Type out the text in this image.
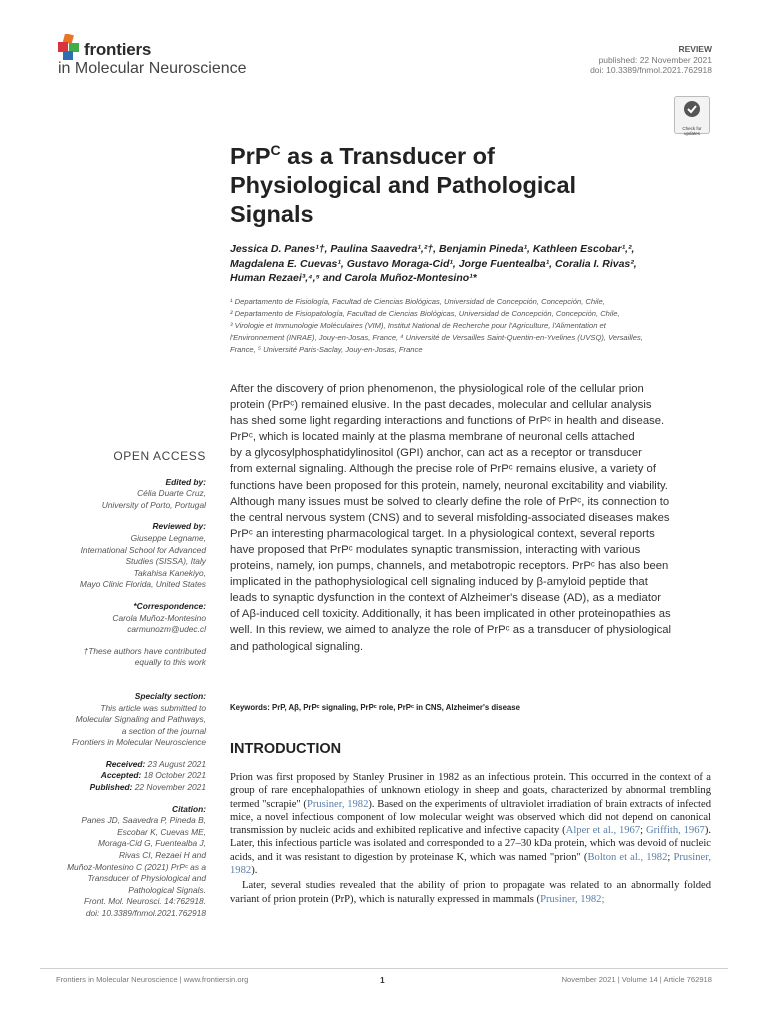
frontiers
in Molecular Neuroscience
REVIEW
published: 22 November 2021
doi: 10.3389/fnmol.2021.762918
Check for updates
PrP$^C$ as a Transducer of
Physiological and Pathological
Signals
Jessica D. Panes¹†, Paulina Saavedra¹,²†, Benjamin Pineda¹, Kathleen Escobar¹,²,
Magdalena E. Cuevas¹, Gustavo Moraga-Cid¹, Jorge Fuentealba¹, Coralia I. Rivas²,
Human Rezaei³,⁴,⁵ and Carola Muñoz-Montesino¹*
¹ Departamento de Fisiología, Facultad de Ciencias Biológicas, Universidad de Concepción, Concepción, Chile,
² Departamento de Fisiopatología, Facultad de Ciencias Biológicas, Universidad de Concepción, Concepción, Chile,
³ Virologie et Immunologie Moléculaires (VIM), Institut National de Recherche pour l'Agriculture, l'Alimentation et
l'Environnement (INRAE), Jouy-en-Josas, France, ⁴ Université de Versailles Saint-Quentin-en-Yvelines (UVSQ), Versailles,
France, ⁵ Université Paris-Saclay, Jouy-en-Josas, France
After the discovery of prion phenomenon, the physiological role of the cellular prion
protein (PrPᶜ) remained elusive. In the past decades, molecular and cellular analysis
has shed some light regarding interactions and functions of PrPᶜ in health and disease.
PrPᶜ, which is located mainly at the plasma membrane of neuronal cells attached
by a glycosylphosphatidylinositol (GPI) anchor, can act as a receptor or transducer
from external signaling. Although the precise role of PrPᶜ remains elusive, a variety of
functions have been proposed for this protein, namely, neuronal excitability and viability.
Although many issues must be solved to clearly define the role of PrPᶜ, its connection to
the central nervous system (CNS) and to several misfolding-associated diseases makes
PrPᶜ an interesting pharmacological target. In a physiological context, several reports
have proposed that PrPᶜ modulates synaptic transmission, interacting with various
proteins, namely, ion pumps, channels, and metabotropic receptors. PrPᶜ has also been
implicated in the pathophysiological cell signaling induced by β-amyloid peptide that
leads to synaptic dysfunction in the context of Alzheimer's disease (AD), as a mediator
of Aβ-induced cell toxicity. Additionally, it has been implicated in other proteinopathies as
well. In this review, we aimed to analyze the role of PrPᶜ as a transducer of physiological
and pathological signaling.
Keywords: PrP, Aβ, PrPᶜ signaling, PrPᶜ role, PrPᶜ in CNS, Alzheimer's disease
OPEN ACCESS
Edited by:
Célia Duarte Cruz,
University of Porto, Portugal
Reviewed by:
Giuseppe Legname,
International School for Advanced
Studies (SISSA), Italy
Takahisa Kanekiyo,
Mayo Clinic Florida, United States
*Correspondence:
Carola Muñoz-Montesino
carmunozm@udec.cl
†These authors have contributed
equally to this work
Specialty section:
This article was submitted to
Molecular Signaling and Pathways,
a section of the journal
Frontiers in Molecular Neuroscience
Received: 23 August 2021
Accepted: 18 October 2021
Published: 22 November 2021
Citation:
Panes JD, Saavedra P, Pineda B,
Escobar K, Cuevas ME,
Moraga-Cid G, Fuentealba J,
Rivas CI, Rezaei H and
Muñoz-Montesino C (2021) PrPᶜ as a
Transducer of Physiological and
Pathological Signals.
Front. Mol. Neurosci. 14:762918.
doi: 10.3389/fnmol.2021.762918
INTRODUCTION

Prion was first proposed by Stanley Prusiner in 1982 as an infectious protein. This occurred in the context of a group of rare encephalopathies of unknown etiology in sheep and goats, characterized by abnormal trembling termed "scrapie" (Prusiner, 1982). Based on the experiments of ultraviolet irradiation of brain extracts of infected mice, a novel infectious component of low molecular weight was observed which did not depend on canonical transmission by nucleic acids and exhibited replicative and infective capacity (Alper et al., 1967; Griffith, 1967). Later, this infectious particle was isolated and corresponded to a 27–30 kDa protein, which was devoid of nucleic acids, and it was resistant to digestion by proteinase K, which was named "prion" (Bolton et al., 1982; Prusiner, 1982).

Later, several studies revealed that the ability of prion to propagate was related to an abnormally folded variant of prion protein (PrP), which is naturally expressed in mammals (Prusiner, 1982;

Frontiers in Molecular Neuroscience | www.frontiersin.org	1	November 2021 | Volume 14 | Article 762918
